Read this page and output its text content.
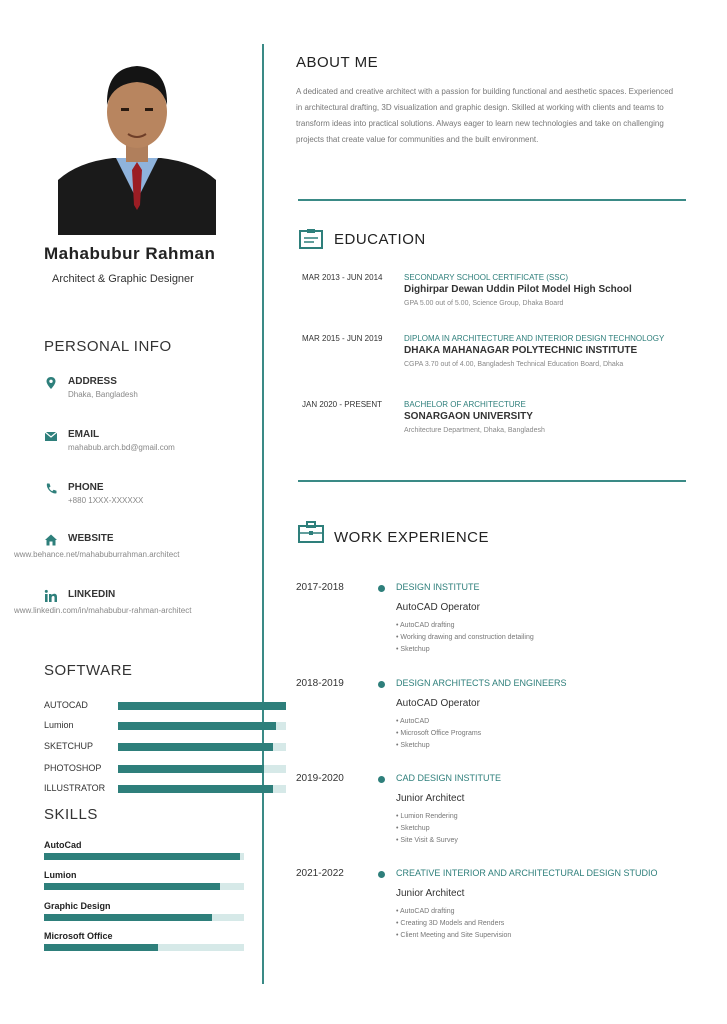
Mahabubur Rahman
Architect & Graphic Designer
PERSONAL INFO
ADDRESS
Dhaka, Bangladesh
EMAIL
mahabub.arch.bd@gmail.com
PHONE
+880 1XXX-XXXXXX
WEBSITE
www.behance.net/mahabuburrahman.architect
LINKEDIN
www.linkedin.com/in/mahabubur-rahman-architect
SOFTWARE
AUTOCAD
Lumion
SKETCHUP
PHOTOSHOP
ILLUSTRATOR
SKILLS
AutoCad
Lumion
Graphic Design
Microsoft Office
ABOUT ME
A dedicated and creative architect with a passion for building functional and aesthetic spaces. Experienced in architectural drafting, 3D visualization and graphic design. Skilled at working with clients and teams to transform ideas into practical solutions. Always eager to learn new technologies and take on challenging projects that create value for communities and the built environment.
EDUCATION
MAR 2013 - JUN 2014	SECONDARY SCHOOL CERTIFICATE (SSC)
Dighirpar Dewan Uddin Pilot Model High School
GPA 5.00 out of 5.00, Science Group, Dhaka Board
MAR 2015 - JUN 2019	DIPLOMA IN ARCHITECTURE AND INTERIOR DESIGN TECHNOLOGY
DHAKA MAHANAGAR POLYTECHNIC INSTITUTE
CGPA 3.70 out of 4.00, Bangladesh Technical Education Board, Dhaka
JAN 2020 - PRESENT	BACHELOR OF ARCHITECTURE
SONARGAON UNIVERSITY
Architecture Department, Dhaka, Bangladesh
WORK EXPERIENCE
2017-2018	DESIGN INSTITUTE
AutoCAD Operator
• AutoCAD drafting
• Working drawing and construction detailing
• Sketchup
2018-2019	DESIGN ARCHITECTS AND ENGINEERS
AutoCAD Operator
• AutoCAD
• Microsoft Office Programs
• Sketchup
2019-2020	CAD DESIGN INSTITUTE
Junior Architect
• Lumion Rendering
• Sketchup
• Site Visit & Survey
2021-2022	CREATIVE INTERIOR AND ARCHITECTURAL DESIGN STUDIO
Junior Architect
• AutoCAD drafting
• Creating 3D Models and Renders
• Client Meeting and Site Supervision
